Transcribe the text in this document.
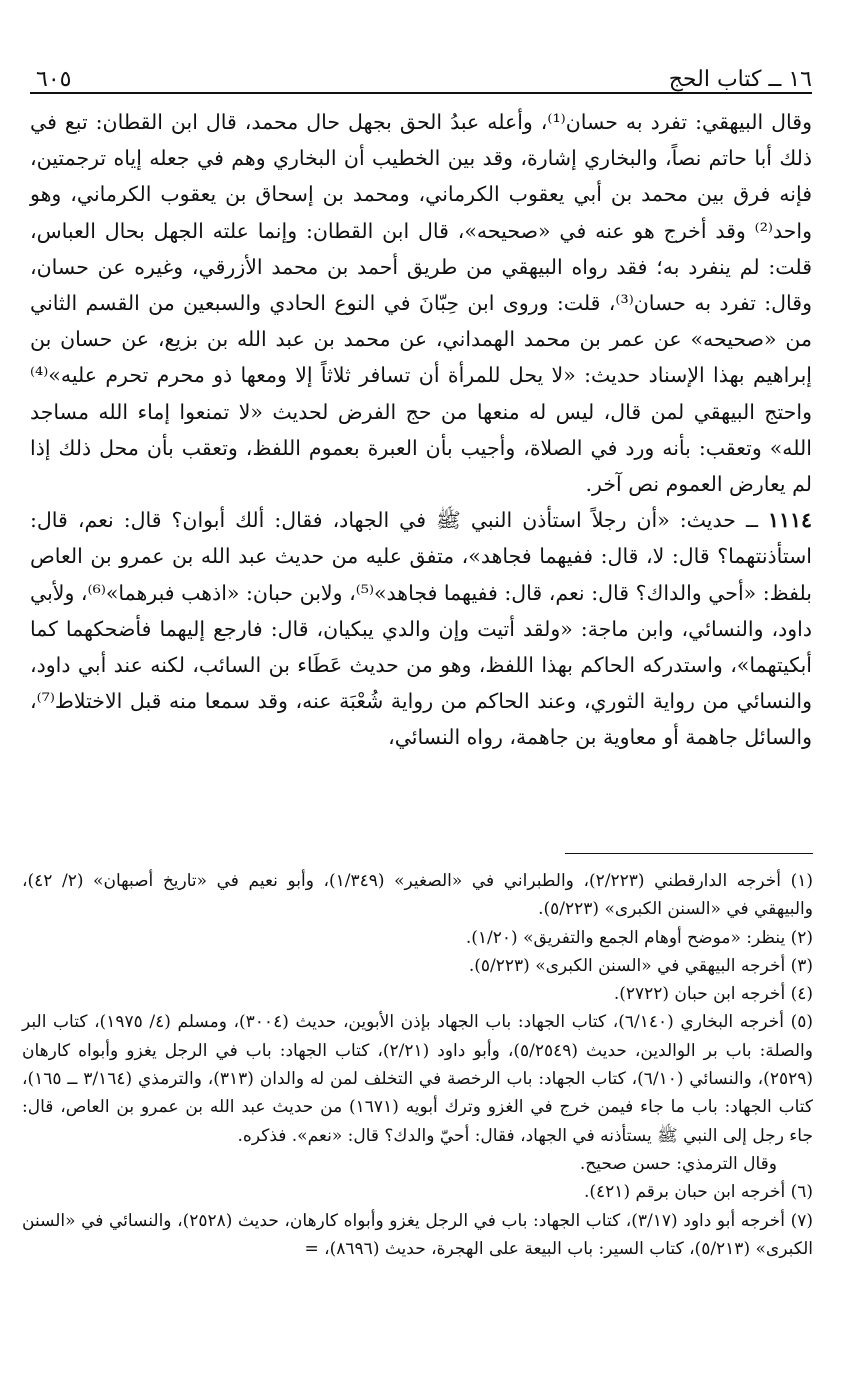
١٦ ــ كتاب الحج
٦٠٥

وقال البيهقي: تفرد به حسان⁽¹⁾، وأعله عبدُ الحق بجهل حال محمد، قال ابن القطان: تبع في ذلك أبا حاتم نصاً، والبخاري إشارة، وقد بين الخطيب أن البخاري وهم في جعله إياه ترجمتين، فإنه فرق بين محمد بن أبي يعقوب الكرماني، ومحمد بن إسحاق بن يعقوب الكرماني، وهو واحد⁽²⁾ وقد أخرج هو عنه في «صحيحه»، قال ابن القطان: وإنما علته الجهل بحال العباس، قلت: لم ينفرد به؛ فقد رواه البيهقي من طريق أحمد بن محمد الأزرقي، وغيره عن حسان، وقال: تفرد به حسان⁽³⁾، قلت: وروى ابن حِبّانَ في النوع الحادي والسبعين من القسم الثاني من «صحيحه» عن عمر بن محمد الهمداني، عن محمد بن عبد الله بن بزيع، عن حسان بن إبراهيم بهذا الإسناد حديث: «لا يحل للمرأة أن تسافر ثلاثاً إلا ومعها ذو محرم تحرم عليه»⁽⁴⁾ واحتج البيهقي لمن قال، ليس له منعها من حج الفرض لحديث «لا تمنعوا إماء الله مساجد الله» وتعقب: بأنه ورد في الصلاة، وأجيب بأن العبرة بعموم اللفظ، وتعقب بأن محل ذلك إذا لم يعارض العموم نص آخر.

١١١٤ ــ حديث: «أن رجلاً استأذن النبي ﷺ في الجهاد، فقال: ألك أبوان؟ قال: نعم، قال: استأذنتهما؟ قال: لا، قال: ففيهما فجاهد»، متفق عليه من حديث عبد الله بن عمرو بن العاص بلفظ: «أحي والداك؟ قال: نعم، قال: ففيهما فجاهد»⁽⁵⁾، ولابن حبان: «اذهب فبرهما»⁽⁶⁾، ولأبي داود، والنسائي، وابن ماجة: «ولقد أتيت وإن والدي يبكيان، قال: فارجع إليهما فأضحكهما كما أبكيتهما»، واستدركه الحاكم بهذا اللفظ، وهو من حديث عَطَاء بن السائب، لكنه عند أبي داود، والنسائي من رواية الثوري، وعند الحاكم من رواية شُعْبَة عنه، وقد سمعا منه قبل الاختلاط⁽⁷⁾، والسائل جاهمة أو معاوية بن جاهمة، رواه النسائي،

(١) أخرجه الدارقطني (٢/٢٢٣)، والطبراني في «الصغير» (١/٣٤٩)، وأبو نعيم في «تاريخ أصبهان» (٢/ ٤٢)، والبيهقي في «السنن الكبرى» (٥/٢٢٣).

(٢) ينظر: «موضح أوهام الجمع والتفريق» (١/٢٠).

(٣) أخرجه البيهقي في «السنن الكبرى» (٥/٢٢٣).

(٤) أخرجه ابن حبان (٢٧٢٢).

(٥) أخرجه البخاري (٦/١٤٠)، كتاب الجهاد: باب الجهاد بإذن الأبوين، حديث (٣٠٠٤)، ومسلم (٤/ ١٩٧٥)، كتاب البر والصلة: باب بر الوالدين، حديث (٥/٢٥٤٩)، وأبو داود (٢/٢١)، كتاب الجهاد: باب في الرجل يغزو وأبواه كارهان (٢٥٢٩)، والنسائي (٦/١٠)، كتاب الجهاد: باب الرخصة في التخلف لمن له والدان (٣١٣)، والترمذي (٣/١٦٤ ــ ١٦٥)، كتاب الجهاد: باب ما جاء فيمن خرج في الغزو وترك أبويه (١٦٧١) من حديث عبد الله بن عمرو بن العاص، قال: جاء رجل إلى النبي ﷺ يستأذنه في الجهاد، فقال: أحيّ والدك؟ قال: «نعم». فذكره.

وقال الترمذي: حسن صحيح.

(٦) أخرجه ابن حبان برقم (٤٢١).

(٧) أخرجه أبو داود (٣/١٧)، كتاب الجهاد: باب في الرجل يغزو وأبواه كارهان، حديث (٢٥٢٨)، والنسائي في «السنن الكبرى» (٥/٢١٣)، كتاب السير: باب البيعة على الهجرة، حديث (٨٦٩٦)، =
